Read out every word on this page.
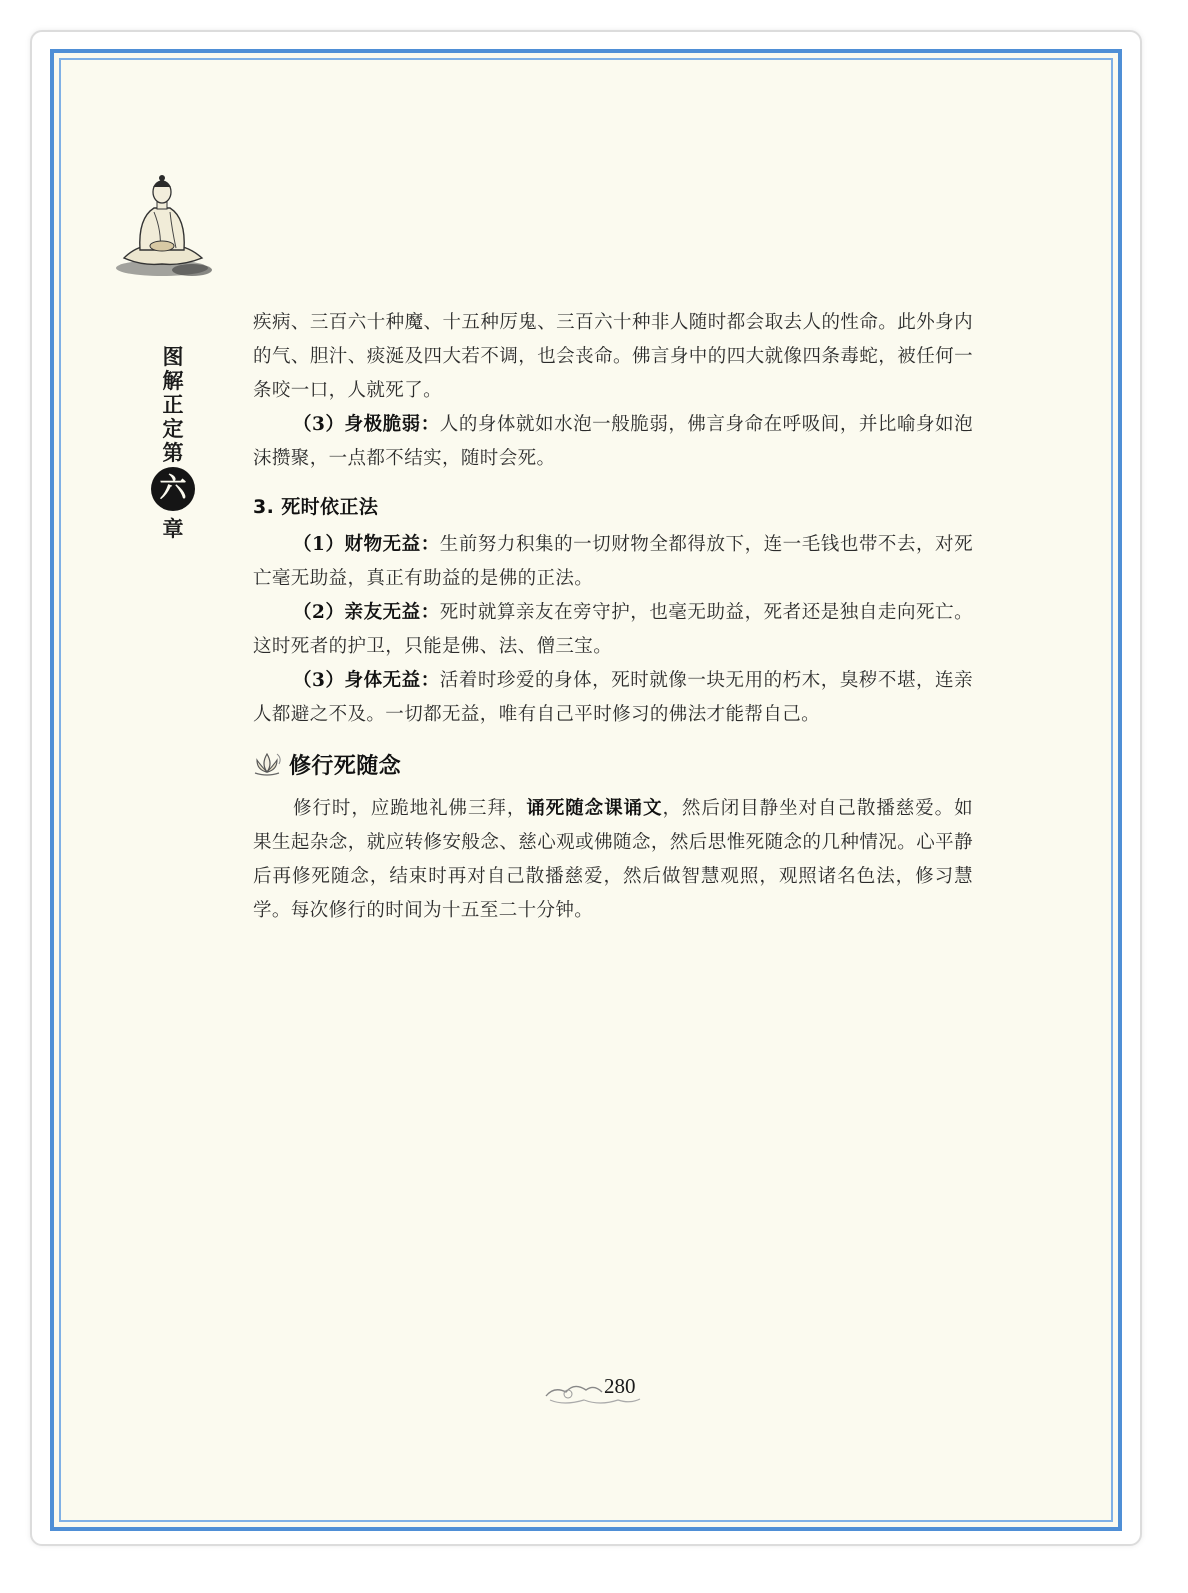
图
解
正
定
第
六
章

疾病、三百六十种魔、十五种厉鬼、三百六十种非人随时都会取去人的性命。此外身内的气、胆汁、痰涎及四大若不调，也会丧命。佛言身中的四大就像四条毒蛇，被任何一条咬一口，人就死了。

（3）身极脆弱：人的身体就如水泡一般脆弱，佛言身命在呼吸间，并比喻身如泡沫攒聚，一点都不结实，随时会死。

3. 死时依正法

（1）财物无益：生前努力积集的一切财物全都得放下，连一毛钱也带不去，对死亡毫无助益，真正有助益的是佛的正法。

（2）亲友无益：死时就算亲友在旁守护，也毫无助益，死者还是独自走向死亡。这时死者的护卫，只能是佛、法、僧三宝。

（3）身体无益：活着时珍爱的身体，死时就像一块无用的朽木，臭秽不堪，连亲人都避之不及。一切都无益，唯有自己平时修习的佛法才能帮自己。

修行死随念

修行时，应跪地礼佛三拜，诵死随念课诵文，然后闭目静坐对自己散播慈爱。如果生起杂念，就应转修安般念、慈心观或佛随念，然后思惟死随念的几种情况。心平静后再修死随念，结束时再对自己散播慈爱，然后做智慧观照，观照诸名色法，修习慧学。每次修行的时间为十五至二十分钟。

280
